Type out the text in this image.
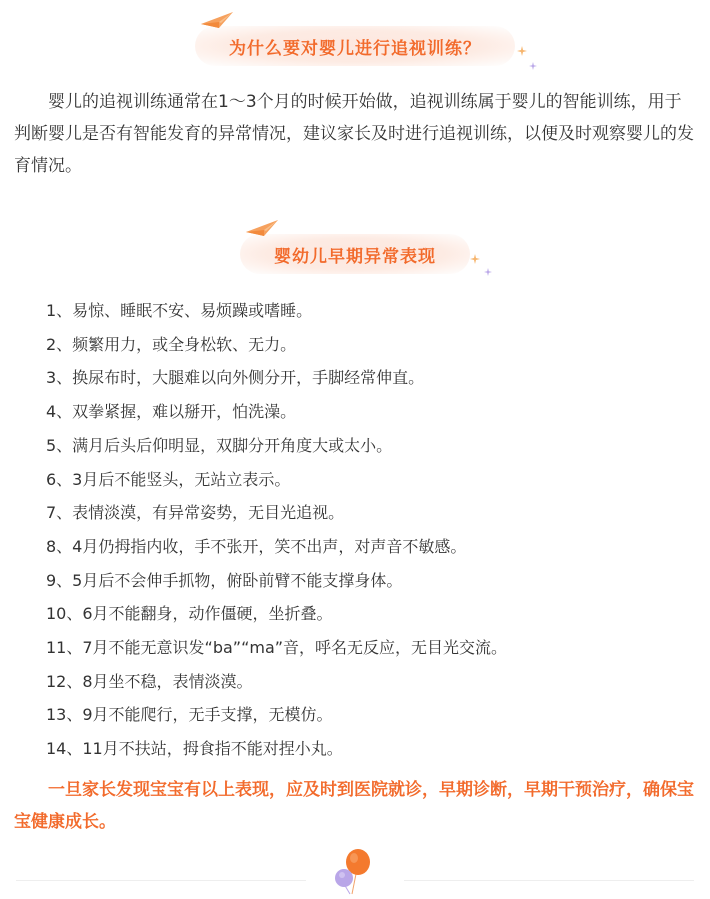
为什么要对婴儿进行追视训练？

婴儿的追视训练通常在1～3个月的时候开始做，追视训练属于婴儿的智能训练，用于判断婴儿是否有智能发育的异常情况，建议家长及时进行追视训练，以便及时观察婴儿的发育情况。

婴幼儿早期异常表现
1、易惊、睡眠不安、易烦躁或嗜睡。
2、频繁用力，或全身松软、无力。
3、换尿布时，大腿难以向外侧分开，手脚经常伸直。
4、双拳紧握，难以掰开，怕洗澡。
5、满月后头后仰明显，双脚分开角度大或太小。
6、3月后不能竖头，无站立表示。
7、表情淡漠，有异常姿势，无目光追视。
8、4月仍拇指内收，手不张开，笑不出声，对声音不敏感。
9、5月后不会伸手抓物，俯卧前臂不能支撑身体。
10、6月不能翻身，动作僵硬，坐折叠。
11、7月不能无意识发“ba”“ma”音，呼名无反应，无目光交流。
12、8月坐不稳，表情淡漠。
13、9月不能爬行，无手支撑，无模仿。
14、11月不扶站，拇食指不能对捏小丸。

一旦家长发现宝宝有以上表现，应及时到医院就诊，早期诊断，早期干预治疗，确保宝宝健康成长。
